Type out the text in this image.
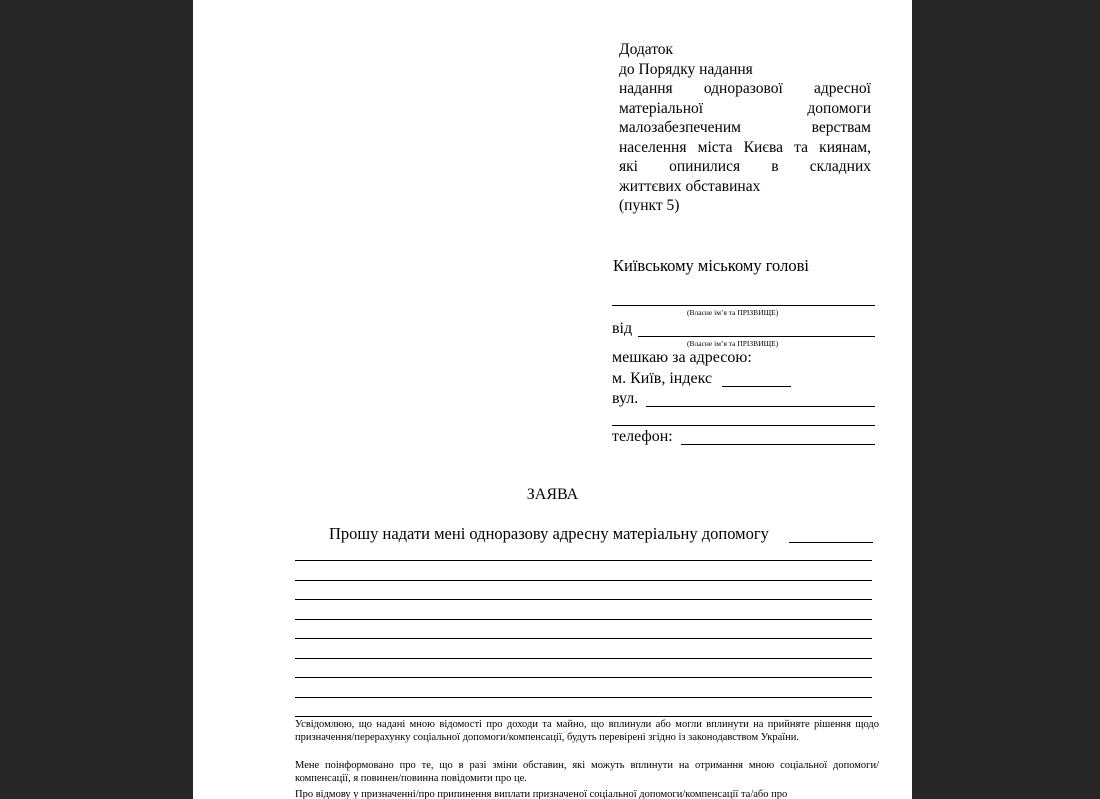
Додаток
до Порядку надання
надання одноразової адресної
матеріальної допомоги
малозабезпеченим верствам
населення міста Києва та киянам,
які опинилися в складних
життєвих обставинах
(пункт 5)
Київському міському голові
(Власне ім’я та ПРІЗВИЩЕ)
від
(Власне ім’я та ПРІЗВИЩЕ)
мешкаю за адресою:
м. Київ, індекс
вул.
телефон:
ЗАЯВА
Прошу надати мені одноразову адресну матеріальну допомогу
Усвідомлюю, що надані мною відомості про доходи та майно, що вплинули або могли вплинути на прийняте рішення щодо призначення/перерахунку соціальної допомоги/компенсації, будуть перевірені згідно із законодавством України.
Мене поінформовано про те, що в разі зміни обставин, які можуть вплинути на отримання мною соціальної допомоги/компенсації, я повинен/повинна повідомити про це.
Про відмову у призначенні/про припинення виплати призначеної соціальної допомоги/компенсації та/або про
